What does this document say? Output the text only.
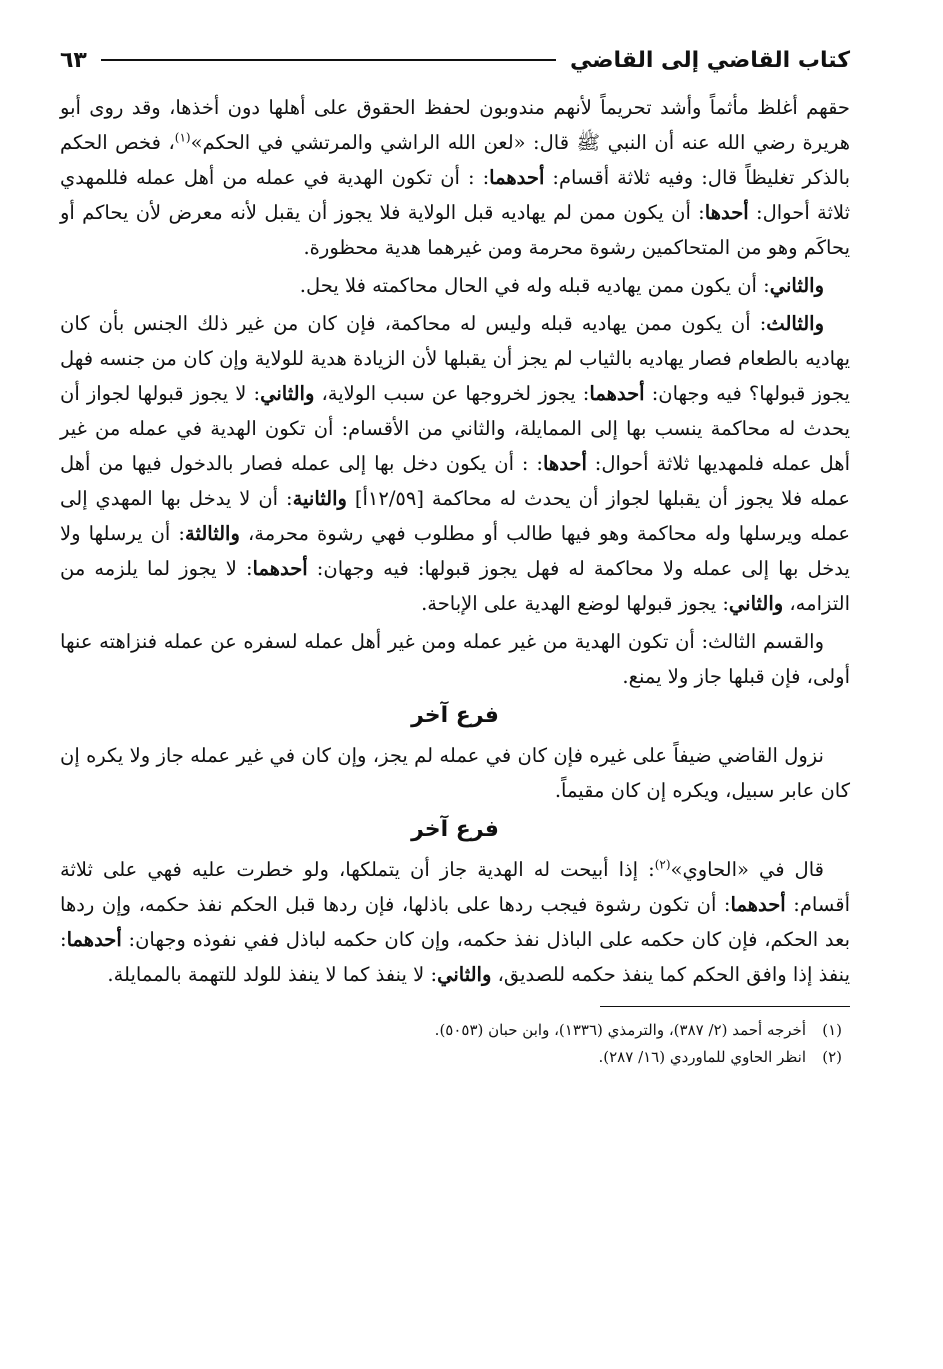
كتاب القاضي إلى القاضي
٦٣

حقهم أغلظ مأثماً وأشد تحريماً لأنهم مندوبون لحفظ الحقوق على أهلها دون أخذها، وقد روى أبو هريرة رضي الله عنه أن النبي ﷺ قال: «لعن الله الراشي والمرتشي في الحكم»$^{(١)}$، فخص الحكم بالذكر تغليظاً قال: وفيه ثلاثة أقسام: أحدهما: : أن تكون الهدية في عمله من أهل عمله فللمهدي ثلاثة أحوال: أحدها: أن يكون ممن لم يهاديه قبل الولاية فلا يجوز أن يقبل لأنه معرض لأن يحاكم أو يحاكَم وهو من المتحاكمين رشوة محرمة ومن غيرهما هدية محظورة.

والثاني: أن يكون ممن يهاديه قبله وله في الحال محاكمته فلا يحل.

والثالث: أن يكون ممن يهاديه قبله وليس له محاكمة، فإن كان من غير ذلك الجنس بأن كان يهاديه بالطعام فصار يهاديه بالثياب لم يجز أن يقبلها لأن الزيادة هدية للولاية وإن كان من جنسه فهل يجوز قبولها؟ فيه وجهان: أحدهما: يجوز لخروجها عن سبب الولاية، والثاني: لا يجوز قبولها لجواز أن يحدث له محاكمة ينسب بها إلى الممايلة، والثاني من الأقسام: أن تكون الهدية في عمله من غير أهل عمله فلمهديها ثلاثة أحوال: أحدها: : أن يكون دخل بها إلى عمله فصار بالدخول فيها من أهل عمله فلا يجوز أن يقبلها لجواز أن يحدث له محاكمة [١٢/٥٩أ] والثانية: أن لا يدخل بها المهدي إلى عمله ويرسلها وله محاكمة وهو فيها طالب أو مطلوب فهي رشوة محرمة، والثالثة: أن يرسلها ولا يدخل بها إلى عمله ولا محاكمة له فهل يجوز قبولها: فيه وجهان: أحدهما: لا يجوز لما يلزمه من التزامه، والثاني: يجوز قبولها لوضع الهدية على الإباحة.

والقسم الثالث: أن تكون الهدية من غير عمله ومن غير أهل عمله لسفره عن عمله فنزاهته عنها أولى، فإن قبلها جاز ولا يمنع.

فرع آخر

نزول القاضي ضيفاً على غيره فإن كان في عمله لم يجز، وإن كان في غير عمله جاز ولا يكره إن كان عابر سبيل، ويكره إن كان مقيماً.

فرع آخر

قال في «الحاوي»$^{(٢)}$: إذا أبيحت له الهدية جاز أن يتملكها، ولو خطرت عليه فهي على ثلاثة أقسام: أحدهما: أن تكون رشوة فيجب ردها على باذلها، فإن ردها قبل الحكم نفذ حكمه، وإن ردها بعد الحكم، فإن كان حكمه على الباذل نفذ حكمه، وإن كان حكمه لباذل ففي نفوذه وجهان: أحدهما: ينفذ إذا وافق الحكم كما ينفذ حكمه للصديق، والثاني: لا ينفذ كما لا ينفذ للولد للتهمة بالممايلة.

(١)أخرجه أحمد (٢/ ٣٨٧)، والترمذي (١٣٣٦)، وابن حبان (٥٠٥٣).

(٢)انظر الحاوي للماوردي (١٦/ ٢٨٧).
